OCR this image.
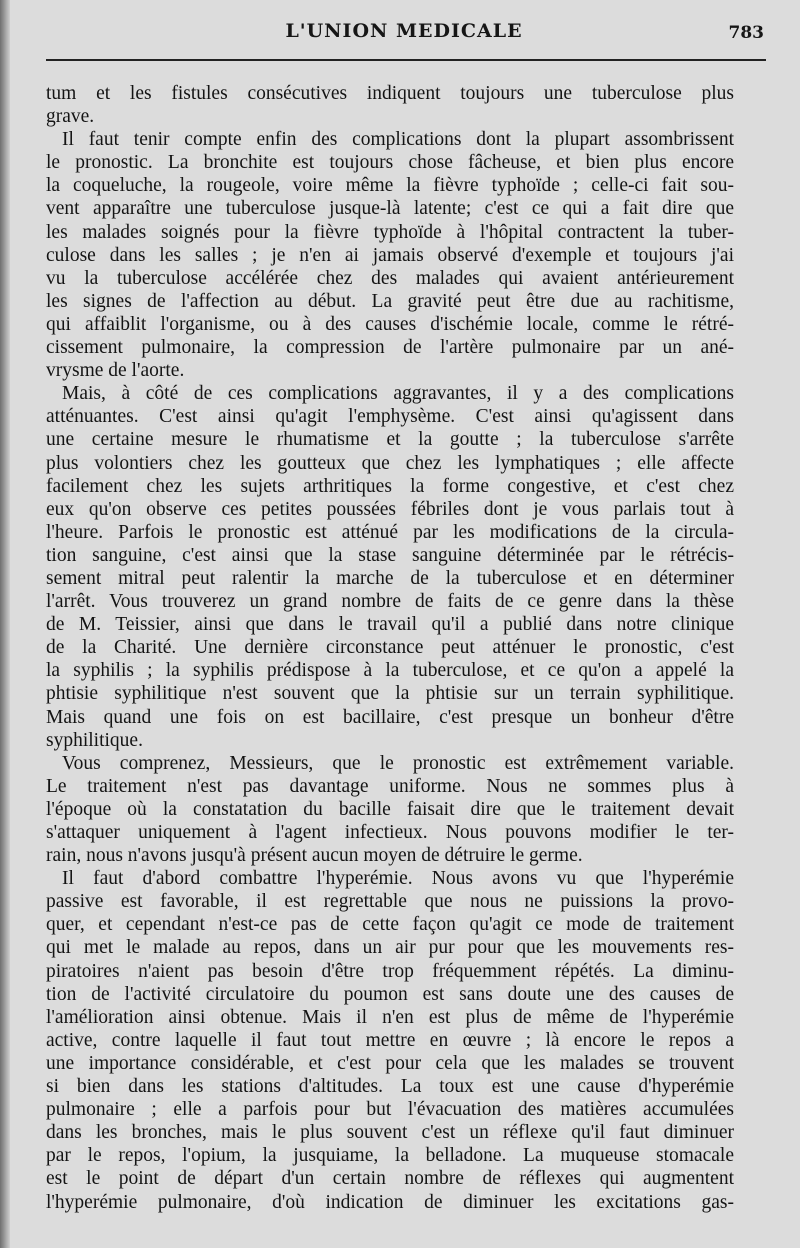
L'UNION MEDICALE	783
tum et les fistules consécutives indiquent toujours une tuberculose plus
grave.
Il faut tenir compte enfin des complications dont la plupart assombrissent
le pronostic. La bronchite est toujours chose fâcheuse, et bien plus encore
la coqueluche, la rougeole, voire même la fièvre typhoïde ; celle-ci fait sou-
vent apparaître une tuberculose jusque-là latente; c'est ce qui a fait dire que
les malades soignés pour la fièvre typhoïde à l'hôpital contractent la tuber-
culose dans les salles ; je n'en ai jamais observé d'exemple et toujours j'ai
vu la tuberculose accélérée chez des malades qui avaient antérieurement
les signes de l'affection au début. La gravité peut être due au rachitisme,
qui affaiblit l'organisme, ou à des causes d'ischémie locale, comme le rétré-
cissement pulmonaire, la compression de l'artère pulmonaire par un ané-
vrysme de l'aorte.
Mais, à côté de ces complications aggravantes, il y a des complications
atténuantes. C'est ainsi qu'agit l'emphysème. C'est ainsi qu'agissent dans
une certaine mesure le rhumatisme et la goutte ; la tuberculose s'arrête
plus volontiers chez les goutteux que chez les lymphatiques ; elle affecte
facilement chez les sujets arthritiques la forme congestive, et c'est chez
eux qu'on observe ces petites poussées fébriles dont je vous parlais tout à
l'heure. Parfois le pronostic est atténué par les modifications de la circula-
tion sanguine, c'est ainsi que la stase sanguine déterminée par le rétrécis-
sement mitral peut ralentir la marche de la tuberculose et en déterminer
l'arrêt. Vous trouverez un grand nombre de faits de ce genre dans la thèse
de M. Teissier, ainsi que dans le travail qu'il a publié dans notre clinique
de la Charité. Une dernière circonstance peut atténuer le pronostic, c'est
la syphilis ; la syphilis prédispose à la tuberculose, et ce qu'on a appelé la
phtisie syphilitique n'est souvent que la phtisie sur un terrain syphilitique.
Mais quand une fois on est bacillaire, c'est presque un bonheur d'être
syphilitique.
Vous comprenez, Messieurs, que le pronostic est extrêmement variable.
Le traitement n'est pas davantage uniforme. Nous ne sommes plus à
l'époque où la constatation du bacille faisait dire que le traitement devait
s'attaquer uniquement à l'agent infectieux. Nous pouvons modifier le ter-
rain, nous n'avons jusqu'à présent aucun moyen de détruire le germe.
Il faut d'abord combattre l'hyperémie. Nous avons vu que l'hyperémie
passive est favorable, il est regrettable que nous ne puissions la provo-
quer, et cependant n'est-ce pas de cette façon qu'agit ce mode de traitement
qui met le malade au repos, dans un air pur pour que les mouvements res-
piratoires n'aient pas besoin d'être trop fréquemment répétés. La diminu-
tion de l'activité circulatoire du poumon est sans doute une des causes de
l'amélioration ainsi obtenue. Mais il n'en est plus de même de l'hyperémie
active, contre laquelle il faut tout mettre en œuvre ; là encore le repos a
une importance considérable, et c'est pour cela que les malades se trouvent
si bien dans les stations d'altitudes. La toux est une cause d'hyperémie
pulmonaire ; elle a parfois pour but l'évacuation des matières accumulées
dans les bronches, mais le plus souvent c'est un réflexe qu'il faut diminuer
par le repos, l'opium, la jusquiame, la belladone. La muqueuse stomacale
est le point de départ d'un certain nombre de réflexes qui augmentent
l'hyperémie pulmonaire, d'où indication de diminuer les excitations gas-
